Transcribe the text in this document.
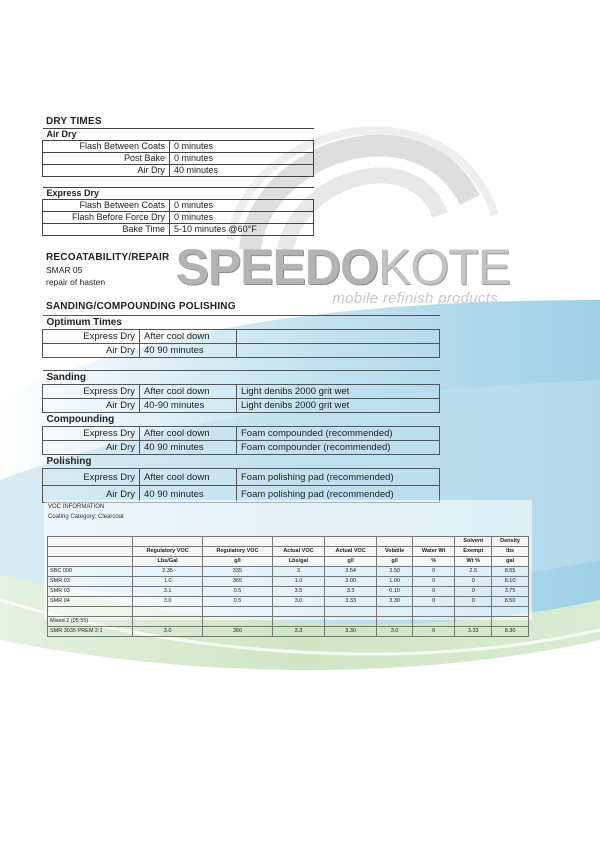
SPEEDOKOTE
mobile refinish products
DRY TIMES
Air Dry	
Flash Between Coats	0 minutes
Post Bake	0 minutes
Air Dry	40 minutes

Express Dry	
Flash Between Coats	0 minutes
Flash Before Force Dry	0 minutes
Bake Time	5-10 minutes @60°F
RECOATABILITY/REPAIR
SMAR 05
repair of hasten
SANDING/COMPOUNDING POLISHING
Optimum Times		
Express Dry	After cool down	
Air Dry	40 90 minutes	

Sanding		
Express Dry	After cool down	Light denibs 2000 grit wet
Air Dry	40-90 minutes	Light denibs 2000 grit wet
Compounding		
Express Dry	After cool down	Foam compounded (recommended)
Air Dry	40 90 minutes	Foam compounder (recommended)
Polishing		
Express Dry	After cool down	Foam polishing pad (recommended)
Air Dry	40 90 minutes	Foam polishing pad (recommended)
VOC INFORMATION
Coating Category: Clearcoat
							Solvent	Density
	Regulatory VOC	Regulatory VOC	Actual VOC	Actual VOC	Volatile	Water Wt	Exempt	lbs
	Lbs/Gal	g/l	Lbs/gal	g/l	g/l	%	Wt %	gal
SBC 000	2.35	335	3	3.54	3.50	0	2.5	8.55
SMR 03	1.0	365	1.0	3.00	1.00	0	0	8.10
SMR 03	3.1	0.5	3.5	3.3	0.10	0	0	3.75
SMR 04	3.0	0.5	3.0	3.33	3.30	0	0	8.50

Mixed 2 (05:55)								
SMR 3035 PREM 2:1	3.0	360	3.3	3.30	3.0	0	3.33	8.30
